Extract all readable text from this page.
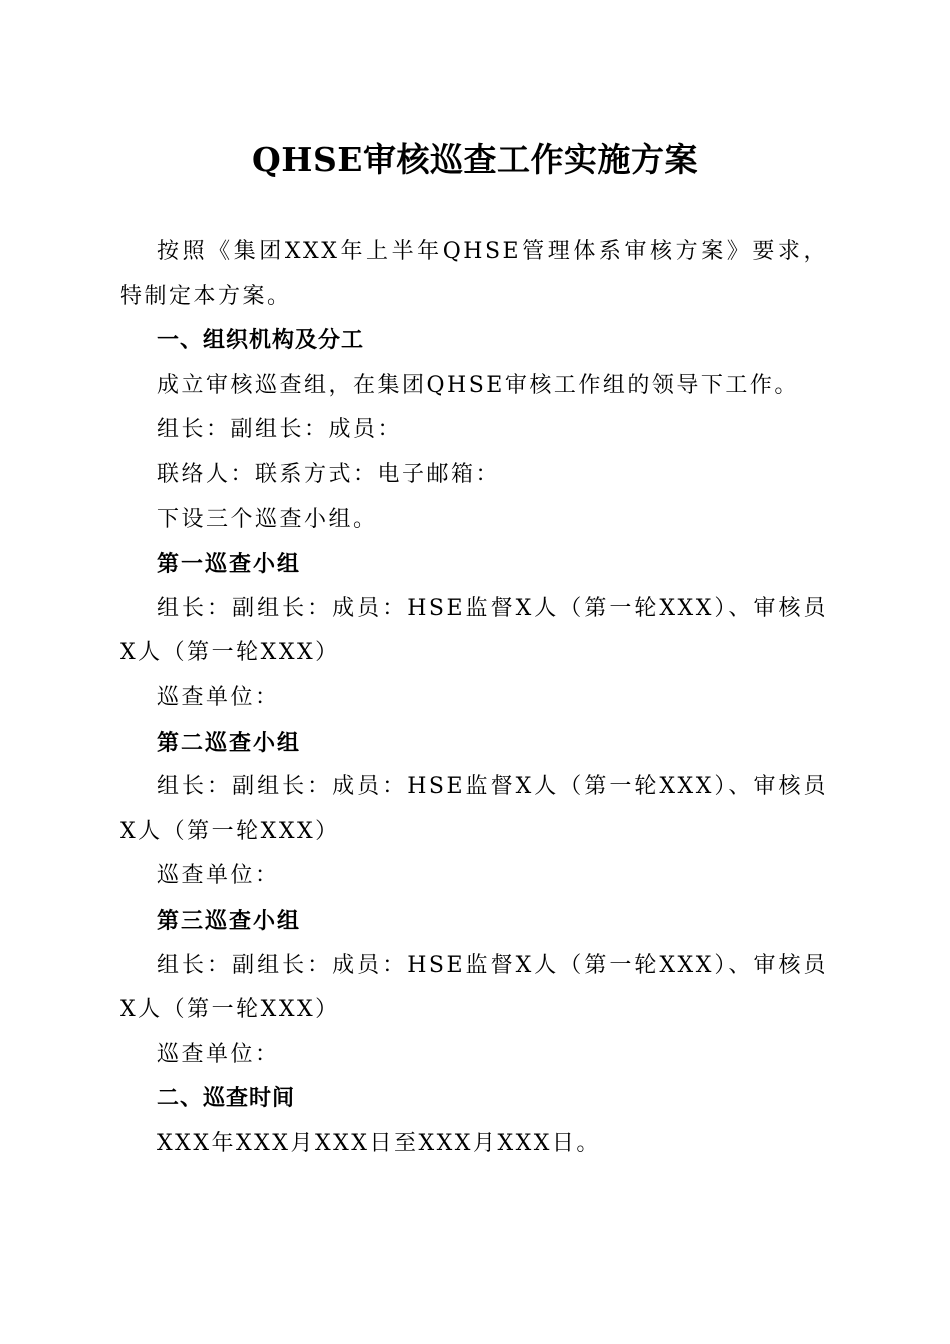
QHSE审核巡查工作实施方案

按照《集团XXX年上半年QHSE管理体系审核方案》要求，特制定本方案。

一、组织机构及分工

成立审核巡查组，在集团QHSE审核工作组的领导下工作。

组长：副组长：成员：

联络人：联系方式：电子邮箱：

下设三个巡查小组。

第一巡查小组

组长：副组长：成员：HSE监督X人（第一轮XXX）、审核员X人（第一轮XXX）

巡查单位：

第二巡查小组

组长：副组长：成员：HSE监督X人（第一轮XXX）、审核员X人（第一轮XXX）

巡查单位：

第三巡查小组

组长：副组长：成员：HSE监督X人（第一轮XXX）、审核员X人（第一轮XXX）

巡查单位：

二、巡查时间

XXX年XXX月XXX日至XXX月XXX日。
